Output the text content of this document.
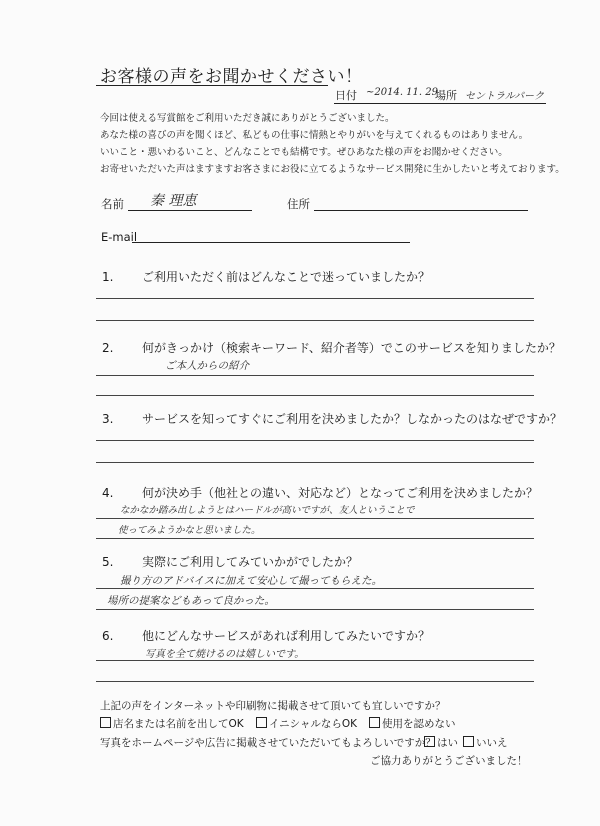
お客様の声をお聞かせください！
日付 ~2014. 11. 29
場所 セントラルパーク
今回は使える写賞館をご利用いただき誠にありがとうございました。
あなた様の喜びの声を聞くほど、私どもの仕事に情熱とやりがいを与えてくれるものはありません。
いいこと・悪いわるいこと、どんなことでも結構です。ぜひあなた様の声をお聞かせください。
お寄せいただいた声はますますお客さまにお役に立てるようなサービス開発に生かしたいと考えております。
名前 秦 理恵	住所
E-mail
1. ご利用いただく前はどんなことで迷っていましたか？
2. 何がきっかけ（検索キーワード、紹介者等）でこのサービスを知りましたか？
ご本人からの紹介
3. サービスを知ってすぐにご利用を決めましたか？しなかったのはなぜですか？
4. 何が決め手（他社との違い、対応など）となってご利用を決めましたか？
なかなか踏み出しようとはハードルが高いですが、友人ということで
使ってみようかなと思いました。
5. 実際にご利用してみていかがでしたか？
撮り方のアドバイスに加えて安心して撮ってもらえた。
場所の提案などもあって良かった。
6. 他にどんなサービスがあれば利用してみたいですか？
写真を全て焼けるのは嬉しいです。
上記の声をインターネットや印刷物に掲載させて頂いても宜しいですか？
店名または名前を出してOK	イニシャルならOK	使用を認めない
写真をホームページや広告に掲載させていただいてもよろしいですか？ はい	いいえ
ご協力ありがとうございました！
